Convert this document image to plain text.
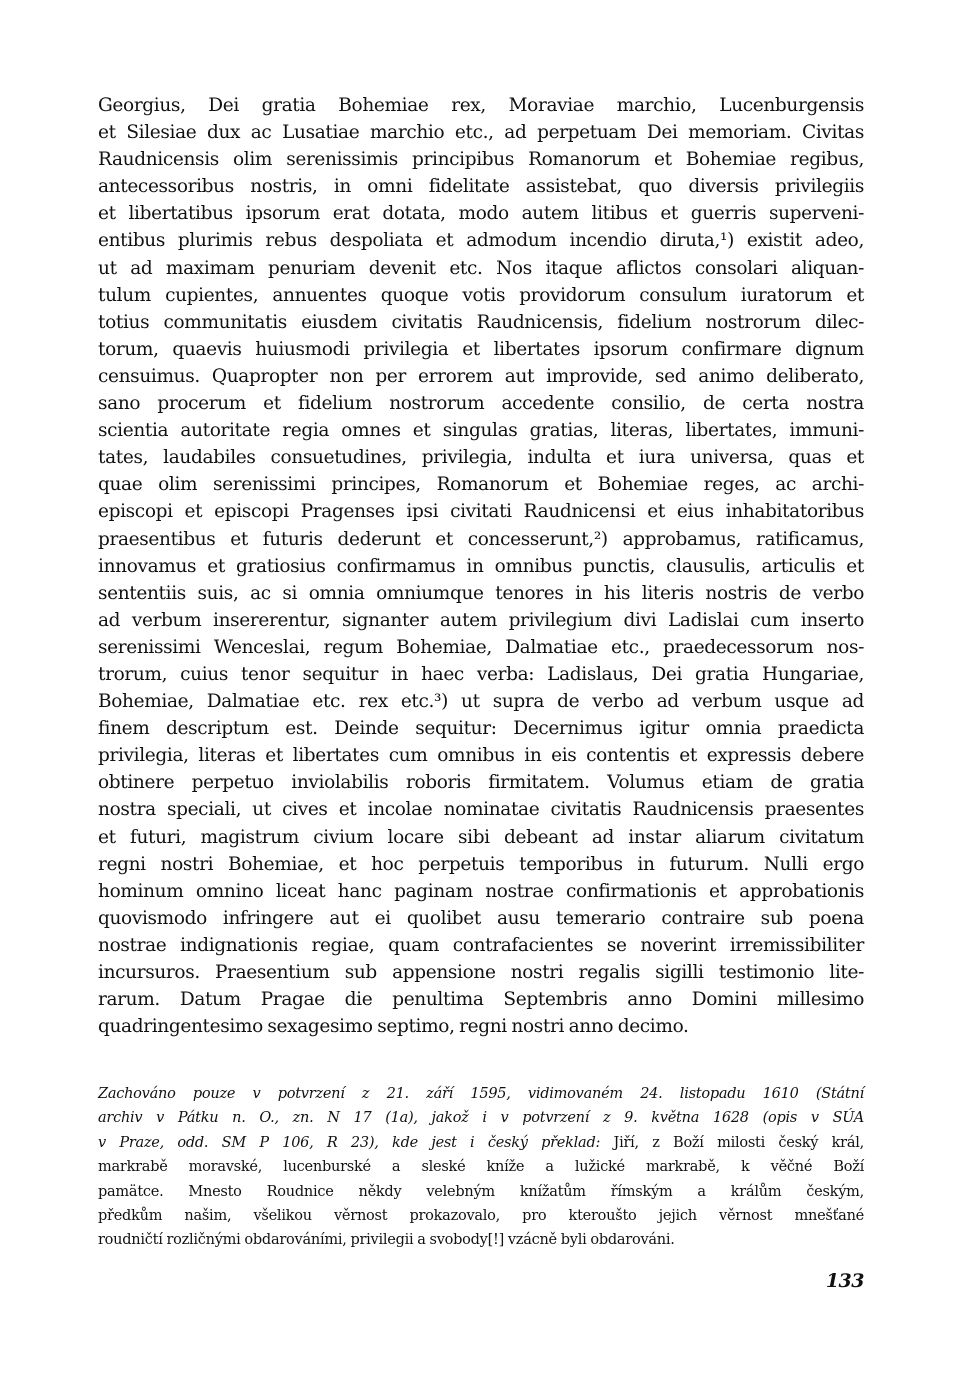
Georgius, Dei gratia Bohemiae rex, Moraviae marchio, Lucenburgensis
et Silesiae dux ac Lusatiae marchio etc., ad perpetuam Dei memoriam. Civitas
Raudnicensis olim serenissimis principibus Romanorum et Bohemiae regibus,
antecessoribus nostris, in omni fidelitate assistebat, quo diversis privilegiis
et libertatibus ipsorum erat dotata, modo autem litibus et guerris superveni-
entibus plurimis rebus despoliata et admodum incendio diruta,¹) existit adeo,
ut ad maximam penuriam devenit etc. Nos itaque aflictos consolari aliquan-
tulum cupientes, annuentes quoque votis providorum consulum iuratorum et
totius communitatis eiusdem civitatis Raudnicensis, fidelium nostrorum dilec-
torum, quaevis huiusmodi privilegia et libertates ipsorum confirmare dignum
censuimus. Quapropter non per errorem aut improvide, sed animo deliberato,
sano procerum et fidelium nostrorum accedente consilio, de certa nostra
scientia autoritate regia omnes et singulas gratias, literas, libertates, immuni-
tates, laudabiles consuetudines, privilegia, indulta et iura universa, quas et
quae olim serenissimi principes, Romanorum et Bohemiae reges, ac archi-
episcopi et episcopi Pragenses ipsi civitati Raudnicensi et eius inhabitatoribus
praesentibus et futuris dederunt et concesserunt,²) approbamus, ratificamus,
innovamus et gratiosius confirmamus in omnibus punctis, clausulis, articulis et
sententiis suis, ac si omnia omniumque tenores in his literis nostris de verbo
ad verbum insererentur, signanter autem privilegium divi Ladislai cum inserto
serenissimi Wenceslai, regum Bohemiae, Dalmatiae etc., praedecessorum nos-
trorum, cuius tenor sequitur in haec verba: Ladislaus, Dei gratia Hungariae,
Bohemiae, Dalmatiae etc. rex etc.³) ut supra de verbo ad verbum usque ad
finem descriptum est. Deinde sequitur: Decernimus igitur omnia praedicta
privilegia, literas et libertates cum omnibus in eis contentis et expressis debere
obtinere perpetuo inviolabilis roboris firmitatem. Volumus etiam de gratia
nostra speciali, ut cives et incolae nominatae civitatis Raudnicensis praesentes
et futuri, magistrum civium locare sibi debeant ad instar aliarum civitatum
regni nostri Bohemiae, et hoc perpetuis temporibus in futurum. Nulli ergo
hominum omnino liceat hanc paginam nostrae confirmationis et approbationis
quovismodo infringere aut ei quolibet ausu temerario contraire sub poena
nostrae indignationis regiae, quam contrafacientes se noverint irremissibiliter
incursuros. Praesentium sub appensione nostri regalis sigilli testimonio lite-
rarum. Datum Pragae die penultima Septembris anno Domini millesimo
quadringentesimo sexagesimo septimo, regni nostri anno decimo.
Zachováno pouze v potvrzení z 21. září 1595, vidimovaném 24. listopadu 1610 (Státní
archiv v Pátku n. O., zn. N 17 (1a), jakož i v potvrzení z 9. května 1628 (opis v SÚA
v Praze, odd. SM P 106, R 23), kde jest i český překlad: Jiří, z Boží milosti český král,
markrabě moravské, lucenburské a sleské kníže a lužické markrabě, k věčné Boží
pamätce. Mnesto Roudnice někdy velebným knížatům římským a králům českým,
předkům našim, všelikou věrnost prokazovalo, pro kteroušto jejich věrnost mnešťané
roudničtí rozličnými obdarováními, privilegii a svobody[!] vzácně byli obdarováni.
133
